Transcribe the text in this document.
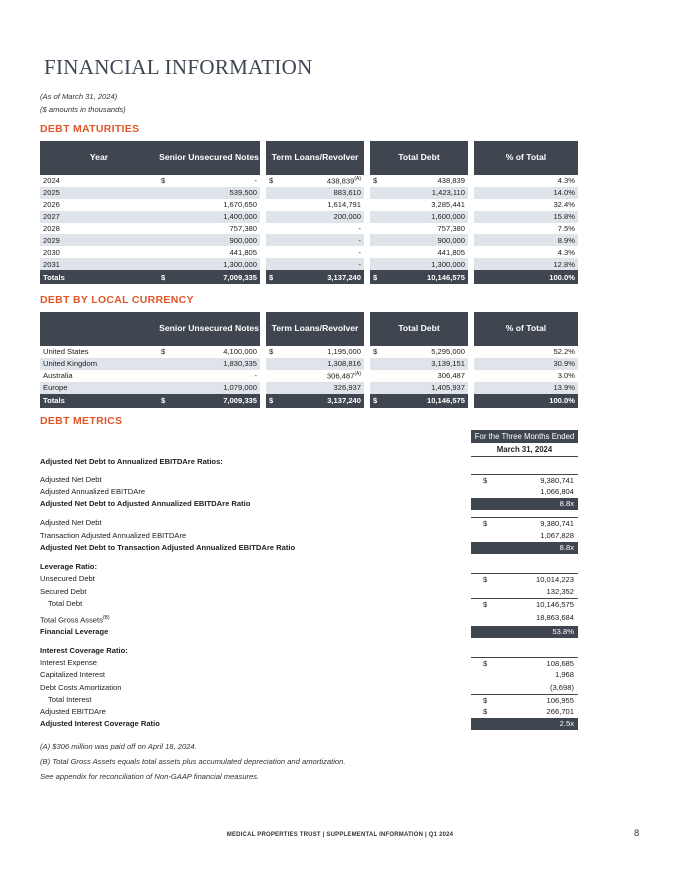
FINANCIAL INFORMATION
(As of March 31, 2024)
($ amounts in thousands)
DEBT MATURITIES
Year	Senior Unsecured Notes		Term Loans/Revolver		Total Debt		% of Total
2024	$ -		$ $438,839^{(A)}$		$ 438,839		4.3%
2025	539,500		883,610		1,423,110		14.0%
2026	1,670,650		1,614,791		3,285,441		32.4%
2027	1,400,000		200,000		1,600,000		15.8%
2028	757,380		-		757,380		7.5%
2029	900,000		-		900,000		8.9%
2030	441,805		-		441,805		4.3%
2031	1,300,000		-		1,300,000		12.8%
Totals	$ 7,009,335		$ 3,137,240		$ 10,146,575		100.0%
DEBT BY LOCAL CURRENCY
	Senior Unsecured Notes		Term Loans/Revolver		Total Debt		% of Total
United States	$ 4,100,000		$ 1,195,000		$ 5,295,000		52.2%
United Kingdom	1,830,335		1,308,816		3,139,151		30.9%
Australia	-		$306,487^{(A)}$		306,487		3.0%
Europe	1,079,000		326,937		1,405,937		13.9%
Totals	$ 7,009,335		$ 3,137,240		$ 10,146,575		100.0%
DEBT METRICS
For the Three Months Ended
March 31, 2024
Adjusted Net Debt to Annualized EBITDAre Ratios:
Adjusted Net Debt	$	9,380,741
Adjusted Annualized EBITDAre	1,066,804
Adjusted Net Debt to Adjusted Annualized EBITDAre Ratio	8.8x
Adjusted Net Debt	$	9,380,741
Transaction Adjusted Annualized EBITDAre	1,067,828
Adjusted Net Debt to Transaction Adjusted Annualized EBITDAre Ratio	8.8x
Leverage Ratio:
Unsecured Debt	$	10,014,223
Secured Debt	132,352
Total Debt	$	10,146,575
Total Gross Assets$^{(B)}$	18,863,684
Financial Leverage	53.8%
Interest Coverage Ratio:
Interest Expense	$	108,685
Capitalized Interest	1,968
Debt Costs Amortization	(3,698)
Total Interest	$	106,955
Adjusted EBITDAre	$	266,701
Adjusted Interest Coverage Ratio	2.5x
(A) $306 million was paid off on April 18, 2024.
(B) Total Gross Assets equals total assets plus accumulated depreciation and amortization.
See appendix for reconciliation of Non-GAAP financial measures.
MEDICAL PROPERTIES TRUST | SUPPLEMENTAL INFORMATION | Q1 2024	8
